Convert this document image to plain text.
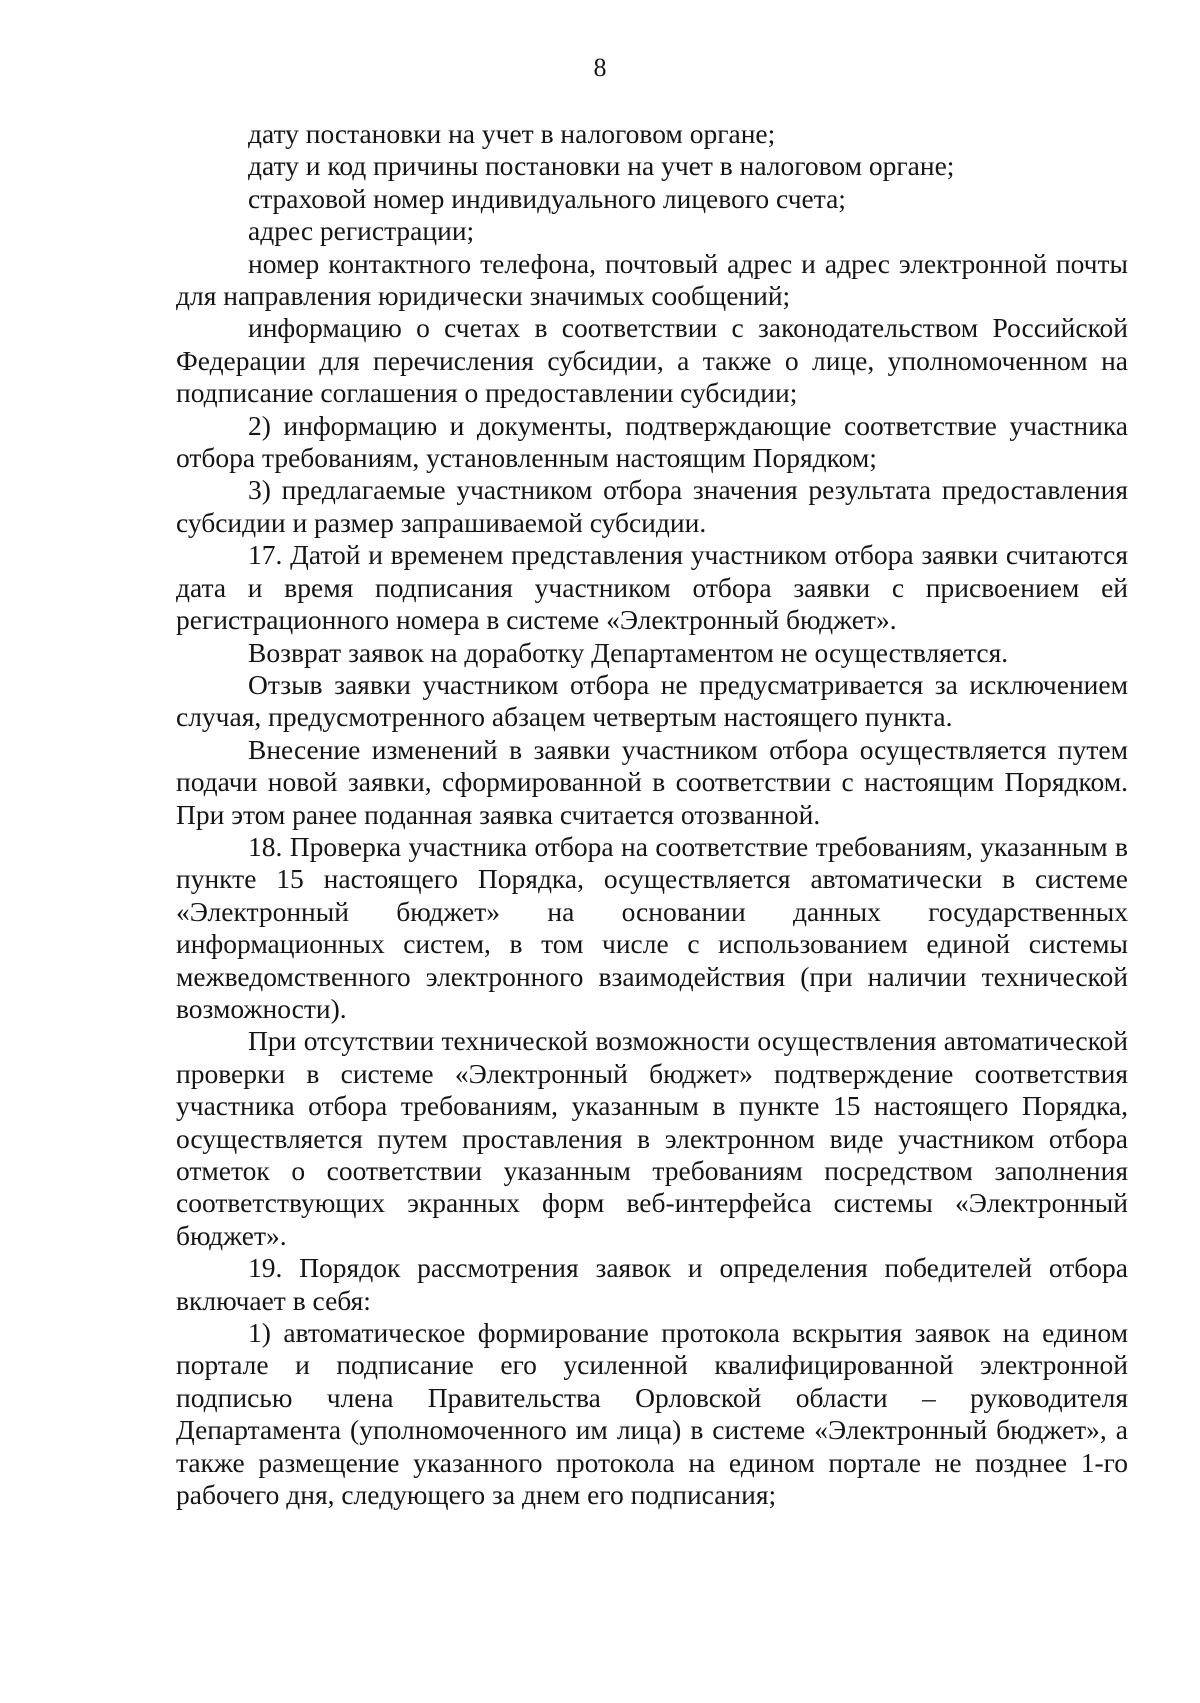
8

дату постановки на учет в налоговом органе;

дату и код причины постановки на учет в налоговом органе;

страховой номер индивидуального лицевого счета;

адрес регистрации;

номер контактного телефона, почтовый адрес и адрес электронной почты для направления юридически значимых сообщений;

информацию о счетах в соответствии с законодательством Российской Федерации для перечисления субсидии, а также о лице, уполномоченном на подписание соглашения о предоставлении субсидии;

2) информацию и документы, подтверждающие соответствие участника отбора требованиям, установленным настоящим Порядком;

3) предлагаемые участником отбора значения результата предоставления субсидии и размер запрашиваемой субсидии.

17. Датой и временем представления участником отбора заявки считаются дата и время подписания участником отбора заявки с присвоением ей регистрационного номера в системе «Электронный бюджет».

Возврат заявок на доработку Департаментом не осуществляется.

Отзыв заявки участником отбора не предусматривается за исключением случая, предусмотренного абзацем четвертым настоящего пункта.

Внесение изменений в заявки участником отбора осуществляется путем подачи новой заявки, сформированной в соответствии с настоящим Порядком. При этом ранее поданная заявка считается отозванной.

18. Проверка участника отбора на соответствие требованиям, указанным в пункте 15 настоящего Порядка, осуществляется автоматически в системе «Электронный бюджет» на основании данных государственных информационных систем, в том числе с использованием единой системы межведомственного электронного взаимодействия (при наличии технической возможности).

При отсутствии технической возможности осуществления автоматической проверки в системе «Электронный бюджет» подтверждение соответствия участника отбора требованиям, указанным в пункте 15 настоящего Порядка, осуществляется путем проставления в электронном виде участником отбора отметок о соответствии указанным требованиям посредством заполнения соответствующих экранных форм веб-интерфейса системы «Электронный бюджет».

19. Порядок рассмотрения заявок и определения победителей отбора включает в себя:

1) автоматическое формирование протокола вскрытия заявок на едином портале и подписание его усиленной квалифицированной электронной подписью члена Правительства Орловской области – руководителя Департамента (уполномоченного им лица) в системе «Электронный бюджет», а также размещение указанного протокола на едином портале не позднее 1-го рабочего дня, следующего за днем его подписания;
